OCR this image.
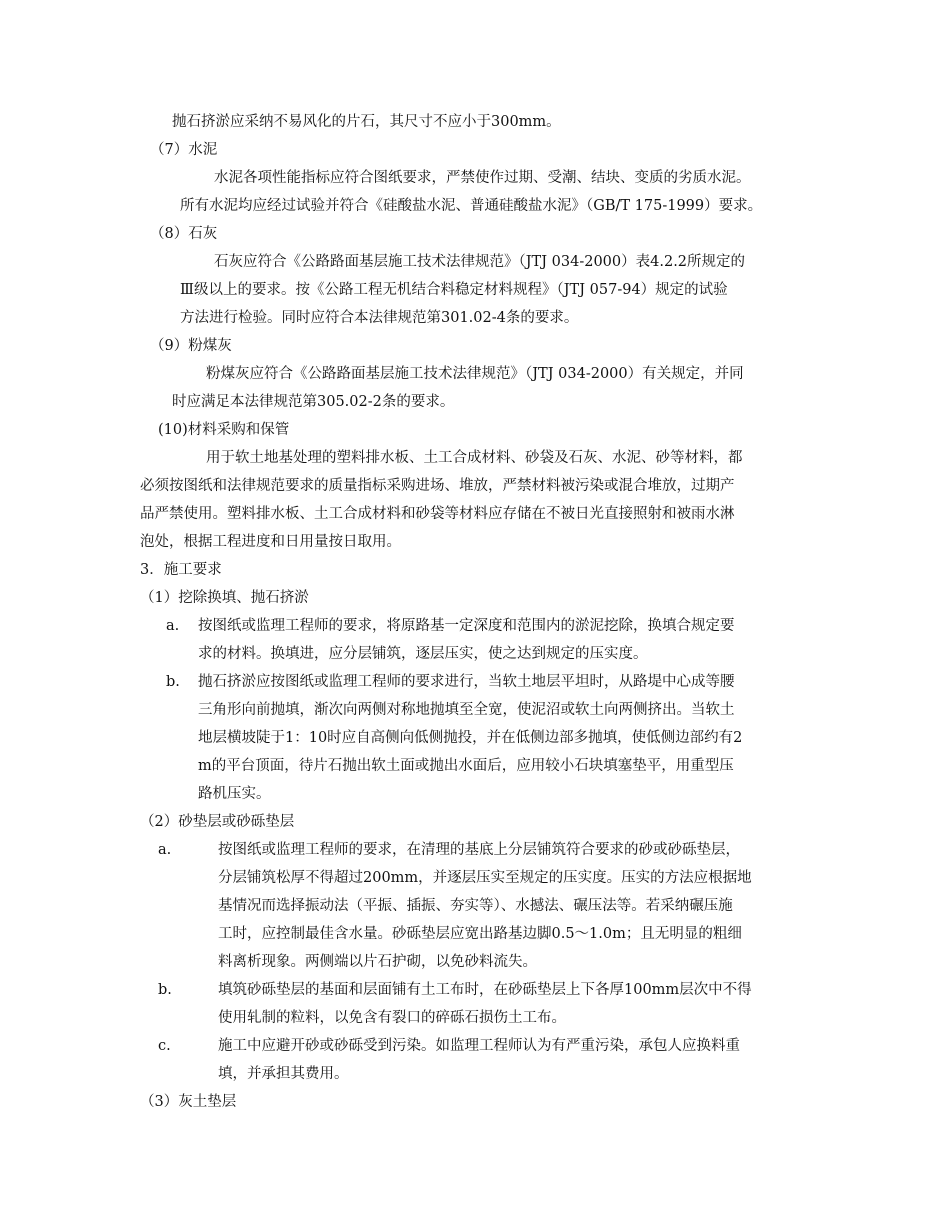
抛石挤淤应采纳不易风化的片石，其尺寸不应小于300mm。
（7）水泥
水泥各项性能指标应符合图纸要求，严禁使作过期、受潮、结块、变质的劣质水泥。
所有水泥均应经过试验并符合《硅酸盐水泥、普通硅酸盐水泥》（GB/T 175-1999）要求。
（8）石灰
石灰应符合《公路路面基层施工技术法律规范》（JTJ 034-2000）表4.2.2所规定的
Ⅲ级以上的要求。按《公路工程无机结合料稳定材料规程》（JTJ 057-94）规定的试验
方法进行检验。同时应符合本法律规范第301.02-4条的要求。
（9）粉煤灰
粉煤灰应符合《公路路面基层施工技术法律规范》（JTJ 034-2000）有关规定，并同
时应满足本法律规范第305.02-2条的要求。
(10)材料采购和保管
用于软土地基处理的塑料排水板、土工合成材料、砂袋及石灰、水泥、砂等材料，都
必须按图纸和法律规范要求的质量指标采购进场、堆放，严禁材料被污染或混合堆放，过期产
品严禁使用。塑料排水板、土工合成材料和砂袋等材料应存储在不被日光直接照射和被雨水淋
泡处，根据工程进度和日用量按日取用。
3．施工要求
（1）挖除换填、抛石挤淤
a. 按图纸或监理工程师的要求，将原路基一定深度和范围内的淤泥挖除，换填合规定要
求的材料。换填进，应分层铺筑，逐层压实，使之达到规定的压实度。
b. 抛石挤淤应按图纸或监理工程师的要求进行，当软土地层平坦时，从路堤中心成等腰
三角形向前抛填，渐次向两侧对称地抛填至全宽，使泥沼或软土向两侧挤出。当软土
地层横坡陡于1：10时应自高侧向低侧抛投，并在低侧边部多抛填，使低侧边部约有2
m的平台顶面，待片石抛出软土面或抛出水面后，应用较小石块填塞垫平，用重型压
路机压实。
（2）砂垫层或砂砾垫层
a.	按图纸或监理工程师的要求，在清理的基底上分层铺筑符合要求的砂或砂砾垫层，
分层铺筑松厚不得超过200mm，并逐层压实至规定的压实度。压实的方法应根据地
基情况而选择振动法（平振、插振、夯实等）、水撼法、碾压法等。若采纳碾压施
工时，应控制最佳含水量。砂砾垫层应宽出路基边脚0.5～1.0m；且无明显的粗细
料离析现象。两侧端以片石护砌，以免砂料流失。
b.	填筑砂砾垫层的基面和层面铺有土工布时，在砂砾垫层上下各厚100mm层次中不得
使用轧制的粒料，以免含有裂口的碎砾石损伤土工布。
c.	施工中应避开砂或砂砾受到污染。如监理工程师认为有严重污染，承包人应换料重
填，并承担其费用。
（3）灰土垫层
